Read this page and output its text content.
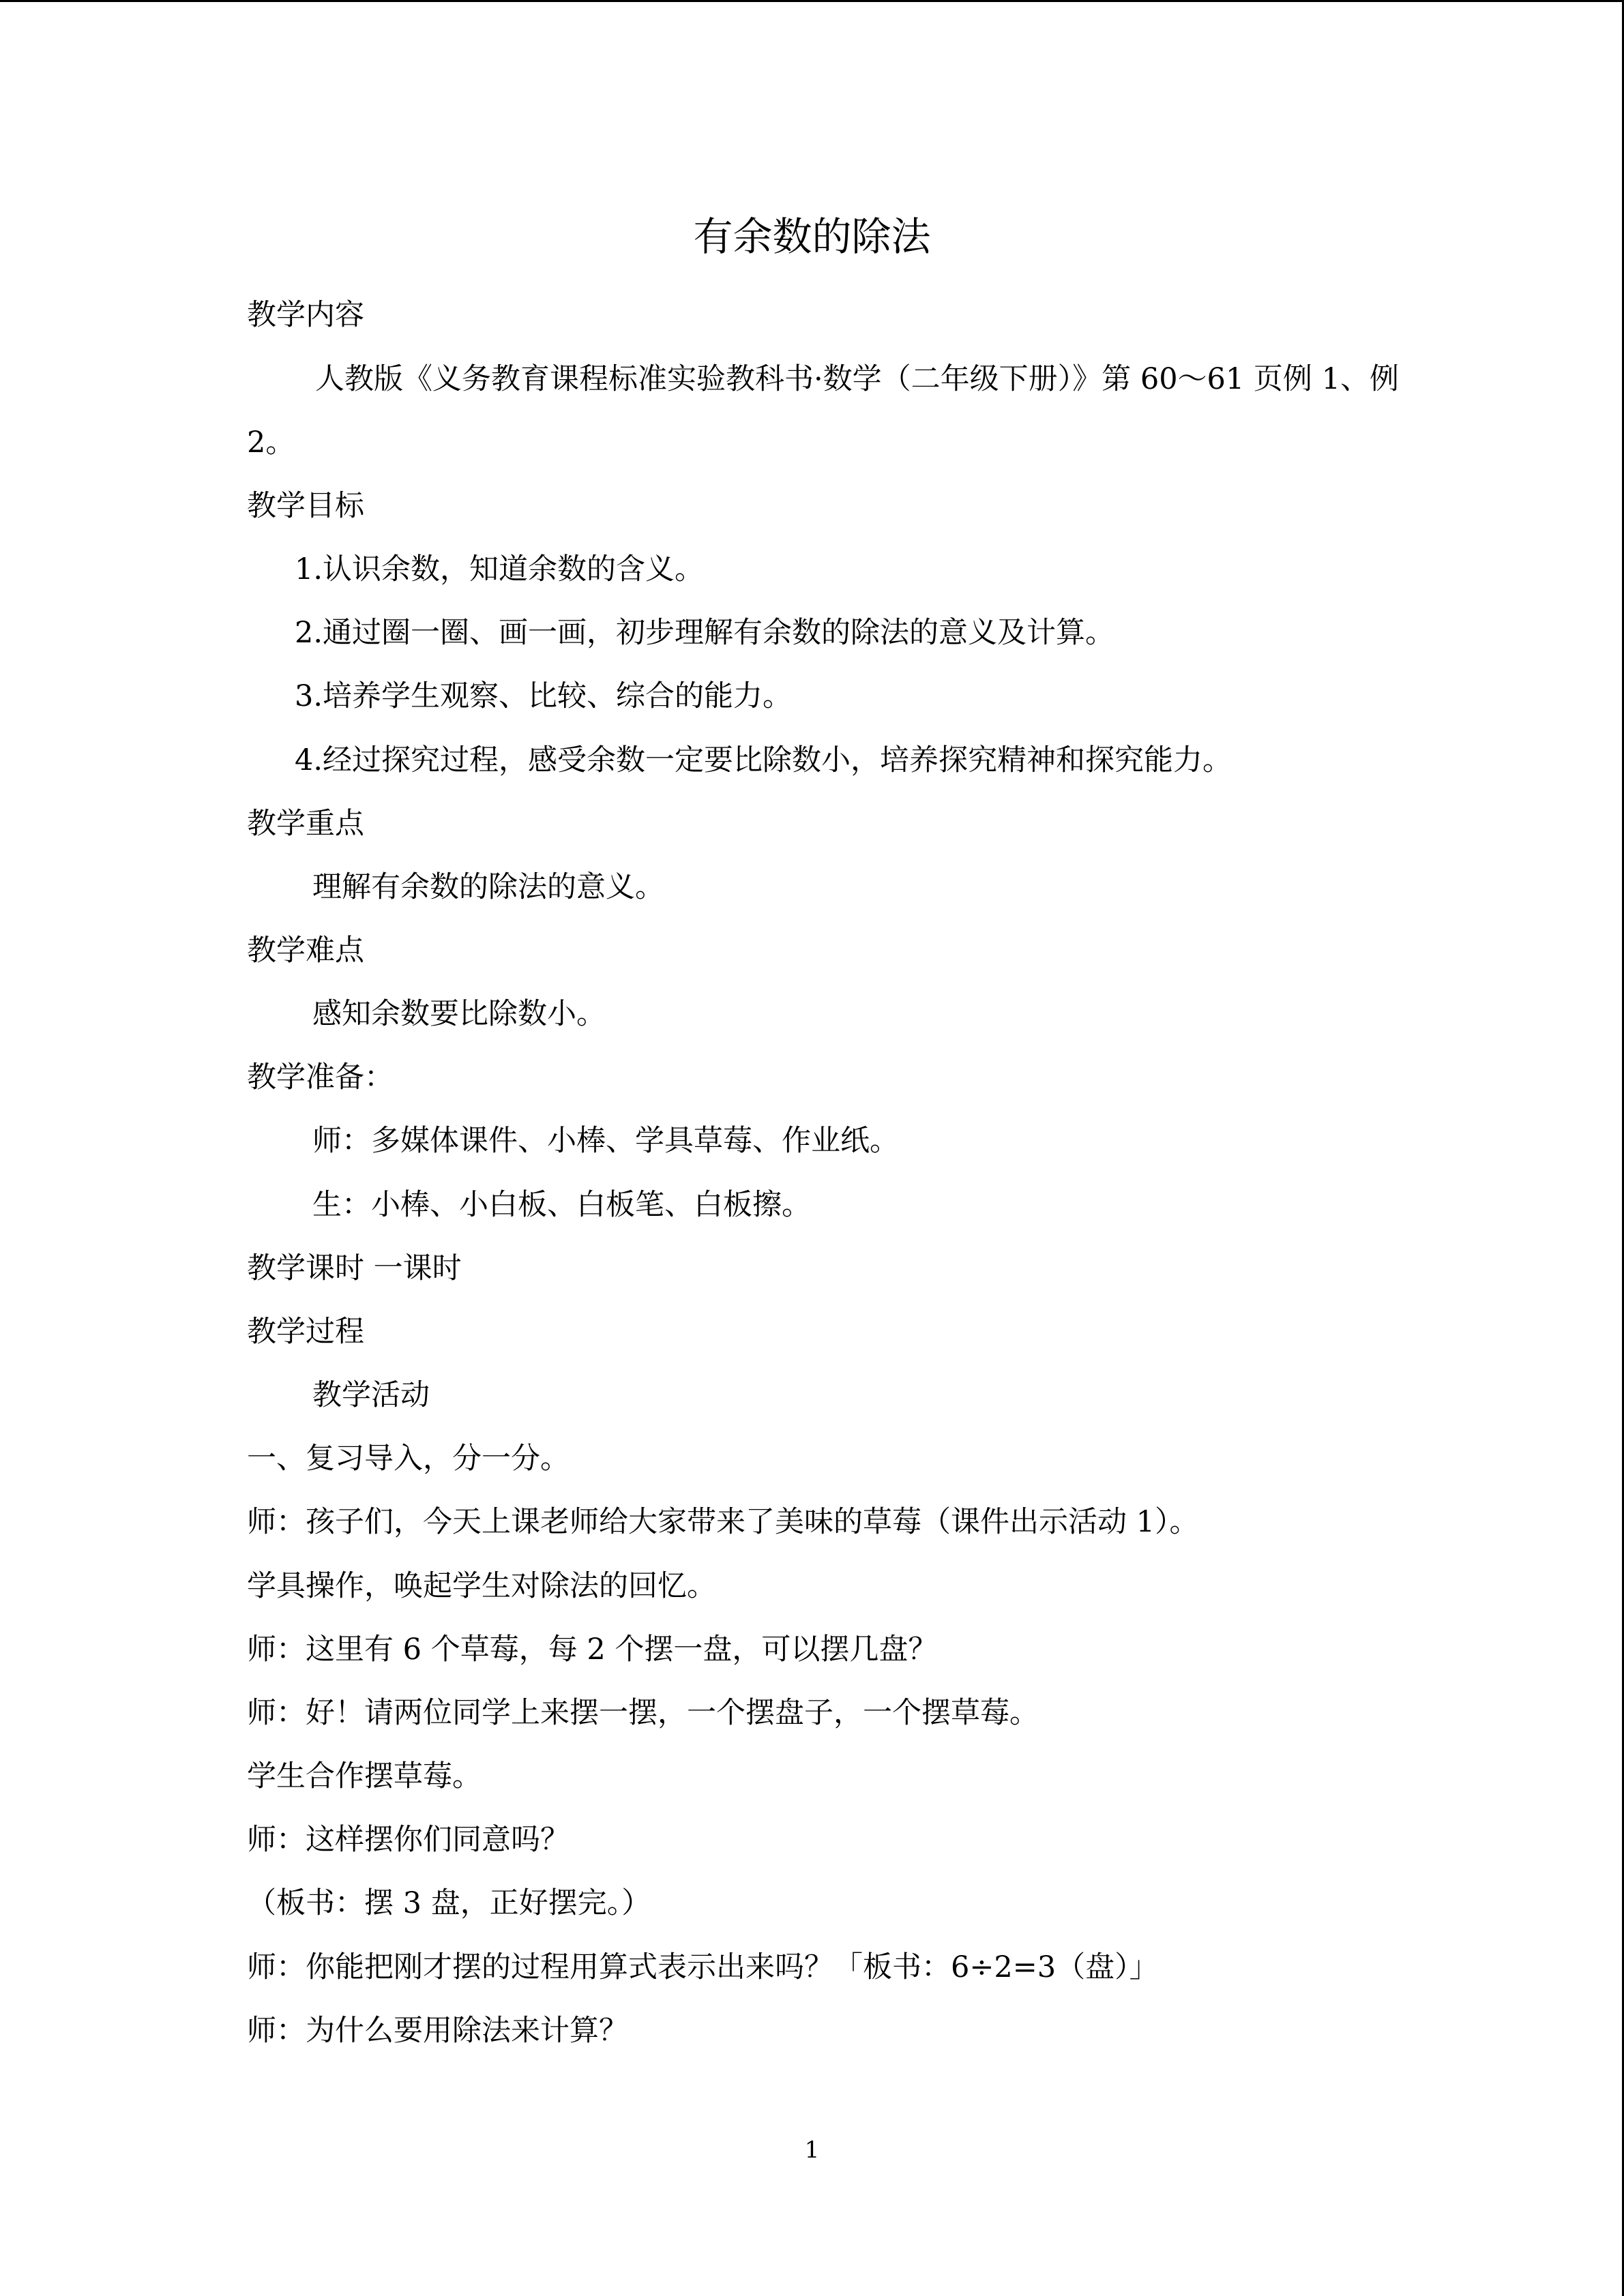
有余数的除法
教学内容
人教版《义务教育课程标准实验教科书·数学（二年级下册）》第 60～61 页例 1、例
2。
教学目标
1.认识余数，知道余数的含义。
2.通过圈一圈、画一画，初步理解有余数的除法的意义及计算。
3.培养学生观察、比较、综合的能力。
4.经过探究过程，感受余数一定要比除数小，培养探究精神和探究能力。
教学重点
理解有余数的除法的意义。
教学难点
感知余数要比除数小。
教学准备：
师：多媒体课件、小棒、学具草莓、作业纸。
生：小棒、小白板、白板笔、白板擦。
教学课时 一课时
教学过程
教学活动
一、复习导入，分一分。
师：孩子们，今天上课老师给大家带来了美味的草莓（课件出示活动 1）。
学具操作，唤起学生对除法的回忆。
师：这里有 6 个草莓，每 2 个摆一盘，可以摆几盘？
师：好！请两位同学上来摆一摆，一个摆盘子，一个摆草莓。
学生合作摆草莓。
师：这样摆你们同意吗？
（板书：摆 3 盘，正好摆完。）
师：你能把刚才摆的过程用算式表示出来吗？「板书：6÷2=3（盘）」
师：为什么要用除法来计算？
1
